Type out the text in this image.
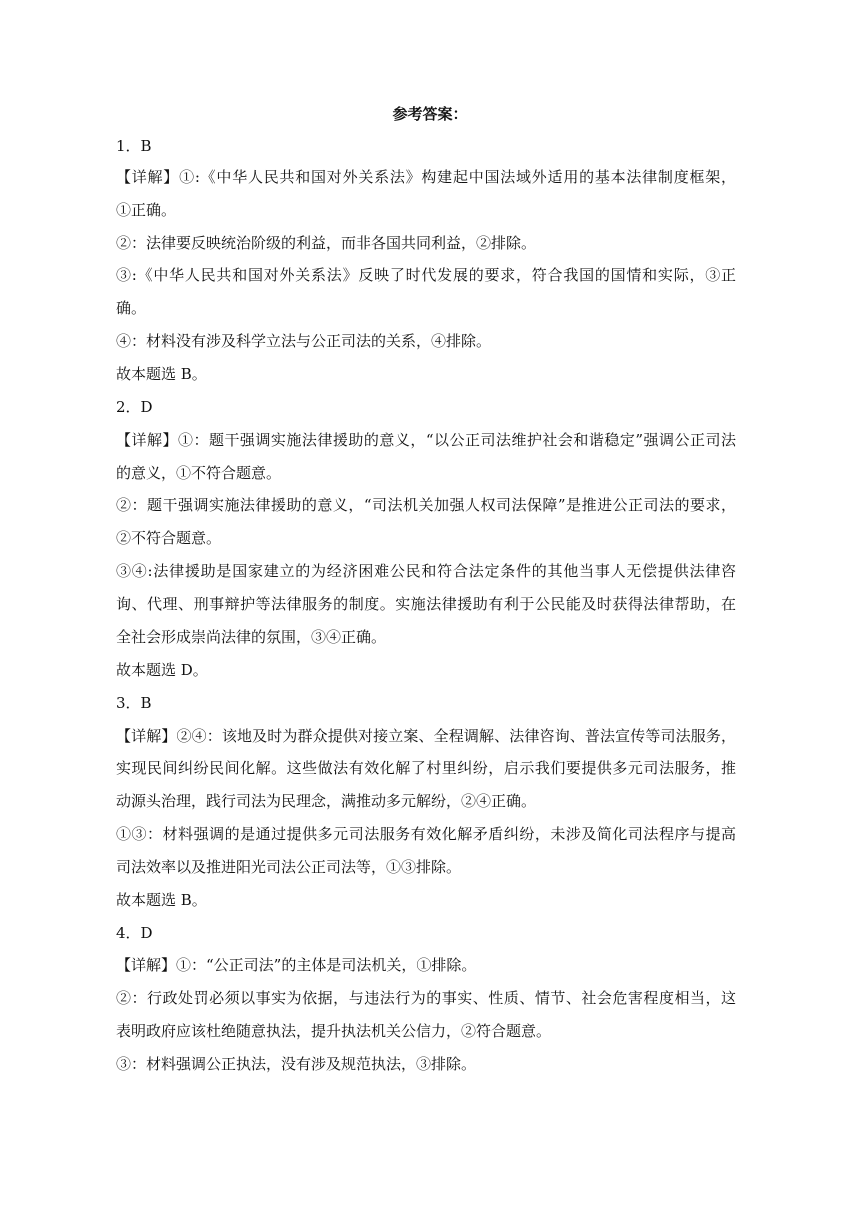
参考答案：
1．B
【详解】①:《中华人民共和国对外关系法》构建起中国法域外适用的基本法律制度框架，
①正确。
②：法律要反映统治阶级的利益，而非各国共同利益，②排除。
③:《中华人民共和国对外关系法》反映了时代发展的要求，符合我国的国情和实际，③正
确。
④：材料没有涉及科学立法与公正司法的关系，④排除。
故本题选 B。
2．D
【详解】①：题干强调实施法律援助的意义，“以公正司法维护社会和谐稳定”强调公正司法
的意义，①不符合题意。
②：题干强调实施法律援助的意义，“司法机关加强人权司法保障”是推进公正司法的要求，
②不符合题意。
③④:法律援助是国家建立的为经济困难公民和符合法定条件的其他当事人无偿提供法律咨
询、代理、刑事辩护等法律服务的制度。实施法律援助有利于公民能及时获得法律帮助，在
全社会形成崇尚法律的氛围，③④正确。
故本题选 D。
3．B
【详解】②④：该地及时为群众提供对接立案、全程调解、法律咨询、普法宣传等司法服务，
实现民间纠纷民间化解。这些做法有效化解了村里纠纷，启示我们要提供多元司法服务，推
动源头治理，践行司法为民理念，满推动多元解纷，②④正确。
①③：材料强调的是通过提供多元司法服务有效化解矛盾纠纷，未涉及简化司法程序与提高
司法效率以及推进阳光司法公正司法等，①③排除。
故本题选 B。
4．D
【详解】①：“公正司法”的主体是司法机关，①排除。
②：行政处罚必须以事实为依据，与违法行为的事实、性质、情节、社会危害程度相当，这
表明政府应该杜绝随意执法，提升执法机关公信力，②符合题意。
③：材料强调公正执法，没有涉及规范执法，③排除。
